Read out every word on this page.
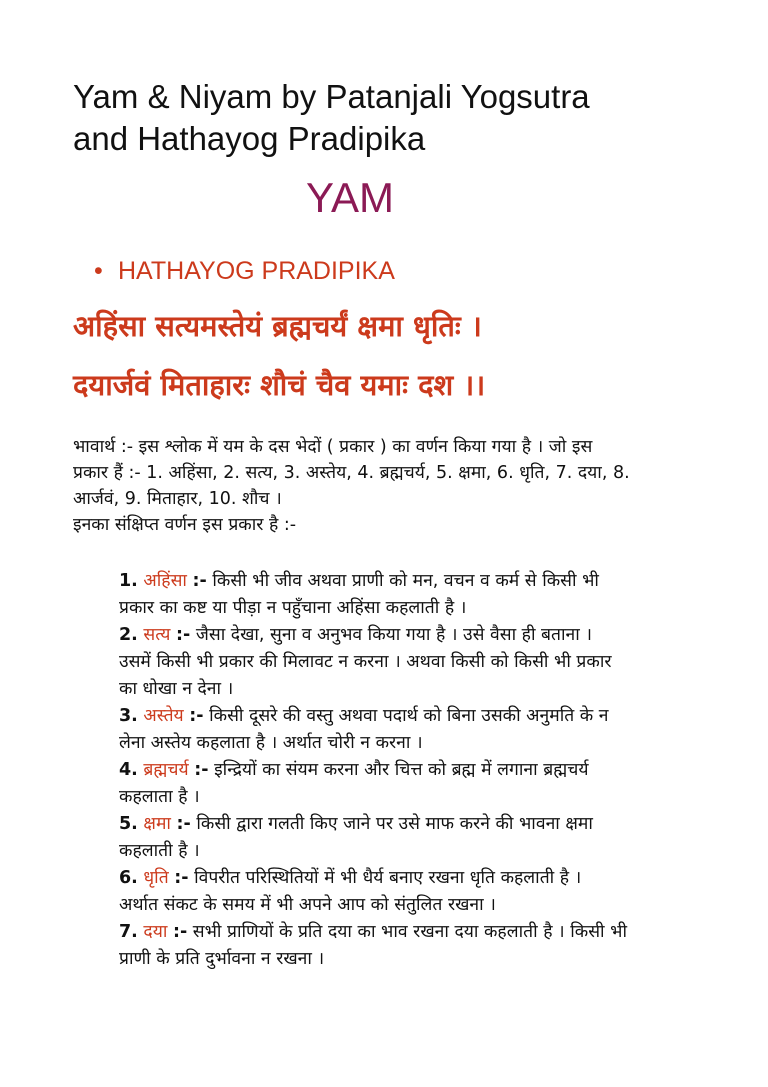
Yam & Niyam by Patanjali Yogsutra
and Hathayog Pradipika
YAM
• HATHAYOG PRADIPIKA
अहिंसा सत्यमस्तेयं ब्रह्मचर्यं क्षमा धृतिः ।
दयार्जवं मिताहारः शौचं चैव यमाः दश ।।

भावार्थ :- इस श्लोक में यम के दस भेदों ( प्रकार ) का वर्णन किया गया है । जो इस

प्रकार हैं :- 1. अहिंसा, 2. सत्य, 3. अस्तेय, 4. ब्रह्मचर्य, 5. क्षमा, 6. धृति, 7. दया, 8.

आर्जवं, 9. मिताहार, 10. शौच ।

इनका संक्षिप्त वर्णन इस प्रकार है :-

1. अहिंसा :- किसी भी जीव अथवा प्राणी को मन, वचन व कर्म से किसी भी

प्रकार का कष्ट या पीड़ा न पहुँचाना अहिंसा कहलाती है ।

2. सत्य :- जैसा देखा, सुना व अनुभव किया गया है । उसे वैसा ही बताना ।

उसमें किसी भी प्रकार की मिलावट न करना । अथवा किसी को किसी भी प्रकार

का धोखा न देना ।

3. अस्तेय :- किसी दूसरे की वस्तु अथवा पदार्थ को बिना उसकी अनुमति के न

लेना अस्तेय कहलाता है । अर्थात चोरी न करना ।

4. ब्रह्मचर्य :- इन्द्रियों का संयम करना और चित्त को ब्रह्म में लगाना ब्रह्मचर्य

कहलाता है ।

5. क्षमा :- किसी द्वारा गलती किए जाने पर उसे माफ करने की भावना क्षमा

कहलाती है ।

6. धृति :- विपरीत परिस्थितियों में भी धैर्य बनाए रखना धृति कहलाती है ।

अर्थात संकट के समय में भी अपने आप को संतुलित रखना ।

7. दया :- सभी प्राणियों के प्रति दया का भाव रखना दया कहलाती है । किसी भी

प्राणी के प्रति दुर्भावना न रखना ।
